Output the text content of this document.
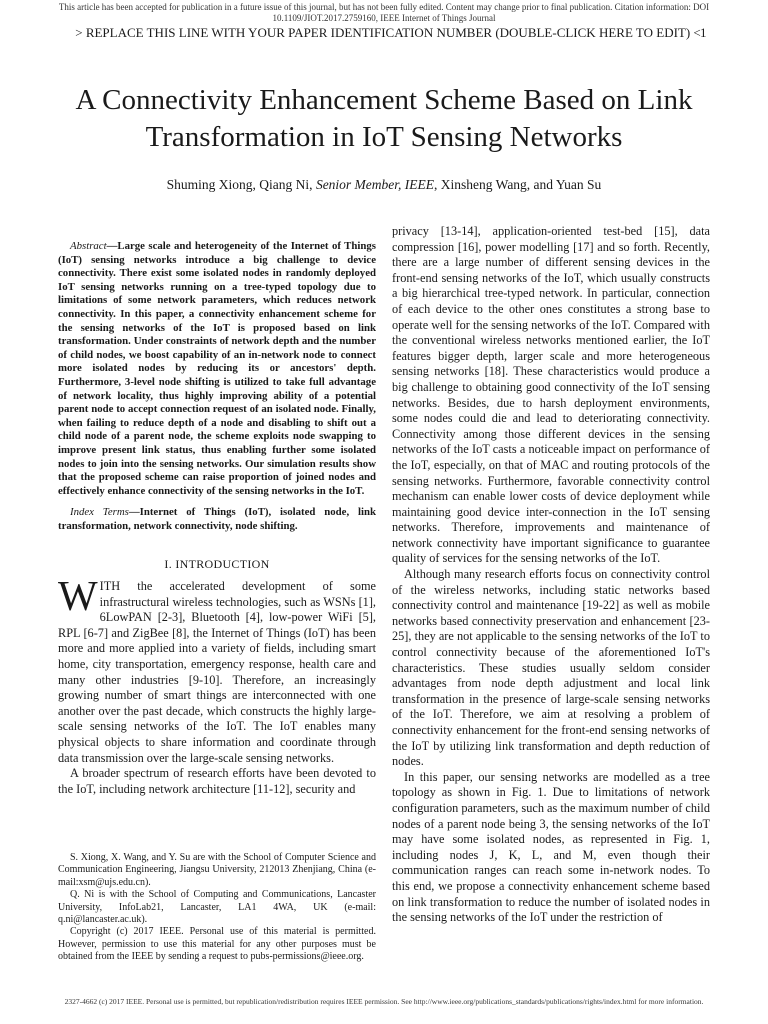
This article has been accepted for publication in a future issue of this journal, but has not been fully edited. Content may change prior to final publication. Citation information: DOI 10.1109/JIOT.2017.2759160, IEEE Internet of Things Journal
> REPLACE THIS LINE WITH YOUR PAPER IDENTIFICATION NUMBER (DOUBLE-CLICK HERE TO EDIT) < 1
A Connectivity Enhancement Scheme Based on Link Transformation in IoT Sensing Networks
Shuming Xiong, Qiang Ni, Senior Member, IEEE, Xinsheng Wang, and Yuan Su

Abstract—Large scale and heterogeneity of the Internet of Things (IoT) sensing networks introduce a big challenge to device connectivity. There exist some isolated nodes in randomly deployed IoT sensing networks running on a tree-typed topology due to limitations of some network parameters, which reduces network connectivity. In this paper, a connectivity enhancement scheme for the sensing networks of the IoT is proposed based on link transformation. Under constraints of network depth and the number of child nodes, we boost capability of an in-network node to connect more isolated nodes by reducing its or ancestors' depth. Furthermore, 3-level node shifting is utilized to take full advantage of network locality, thus highly improving ability of a potential parent node to accept connection request of an isolated node. Finally, when failing to reduce depth of a node and disabling to shift out a child node of a parent node, the scheme exploits node swapping to improve present link status, thus enabling further some isolated nodes to join into the sensing networks. Our simulation results show that the proposed scheme can raise proportion of joined nodes and effectively enhance connectivity of the sensing networks in the IoT.

Index Terms—Internet of Things (IoT), isolated node, link transformation, network connectivity, node shifting.

I. INTRODUCTION

WITH the accelerated development of some infrastructural wireless technologies, such as WSNs [1], 6LowPAN [2-3], Bluetooth [4], low-power WiFi [5], RPL [6-7] and ZigBee [8], the Internet of Things (IoT) has been more and more applied into a variety of fields, including smart home, city transportation, emergency response, health care and many other industries [9-10]. Therefore, an increasingly growing number of smart things are interconnected with one another over the past decade, which constructs the highly large-scale sensing networks of the IoT. The IoT enables many physical objects to share information and coordinate through data transmission over the large-scale sensing networks.

A broader spectrum of research efforts have been devoted to the IoT, including network architecture [11-12], security and

S. Xiong, X. Wang, and Y. Su are with the School of Computer Science and Communication Engineering, Jiangsu University, 212013 Zhenjiang, China (e-mail:xsm@ujs.edu.cn).

Q. Ni is with the School of Computing and Communications, Lancaster University, InfoLab21, Lancaster, LA1 4WA, UK (e-mail: q.ni@lancaster.ac.uk).

Copyright (c) 2017 IEEE. Personal use of this material is permitted. However, permission to use this material for any other purposes must be obtained from the IEEE by sending a request to pubs-permissions@ieee.org.

privacy [13-14], application-oriented test-bed [15], data compression [16], power modelling [17] and so forth. Recently, there are a large number of different sensing devices in the front-end sensing networks of the IoT, which usually constructs a big hierarchical tree-typed network. In particular, connection of each device to the other ones constitutes a strong base to operate well for the sensing networks of the IoT. Compared with the conventional wireless networks mentioned earlier, the IoT features bigger depth, larger scale and more heterogeneous sensing networks [18]. These characteristics would produce a big challenge to obtaining good connectivity of the IoT sensing networks. Besides, due to harsh deployment environments, some nodes could die and lead to deteriorating connectivity. Connectivity among those different devices in the sensing networks of the IoT casts a noticeable impact on performance of the IoT, especially, on that of MAC and routing protocols of the sensing networks. Furthermore, favorable connectivity control mechanism can enable lower costs of device deployment while maintaining good device inter-connection in the IoT sensing networks. Therefore, improvements and maintenance of network connectivity have important significance to guarantee quality of services for the sensing networks of the IoT.

Although many research efforts focus on connectivity control of the wireless networks, including static networks based connectivity control and maintenance [19-22] as well as mobile networks based connectivity preservation and enhancement [23-25], they are not applicable to the sensing networks of the IoT to control connectivity because of the aforementioned IoT's characteristics. These studies usually seldom consider advantages from node depth adjustment and local link transformation in the presence of large-scale sensing networks of the IoT. Therefore, we aim at resolving a problem of connectivity enhancement for the front-end sensing networks of the IoT by utilizing link transformation and depth reduction of nodes.

In this paper, our sensing networks are modelled as a tree topology as shown in Fig. 1. Due to limitations of network configuration parameters, such as the maximum number of child nodes of a parent node being 3, the sensing networks of the IoT may have some isolated nodes, as represented in Fig. 1, including nodes J, K, L, and M, even though their communication ranges can reach some in-network nodes. To this end, we propose a connectivity enhancement scheme based on link transformation to reduce the number of isolated nodes in the sensing networks of the IoT under the restriction of

2327-4662 (c) 2017 IEEE. Personal use is permitted, but republication/redistribution requires IEEE permission. See http://www.ieee.org/publications_standards/publications/rights/index.html for more information.
